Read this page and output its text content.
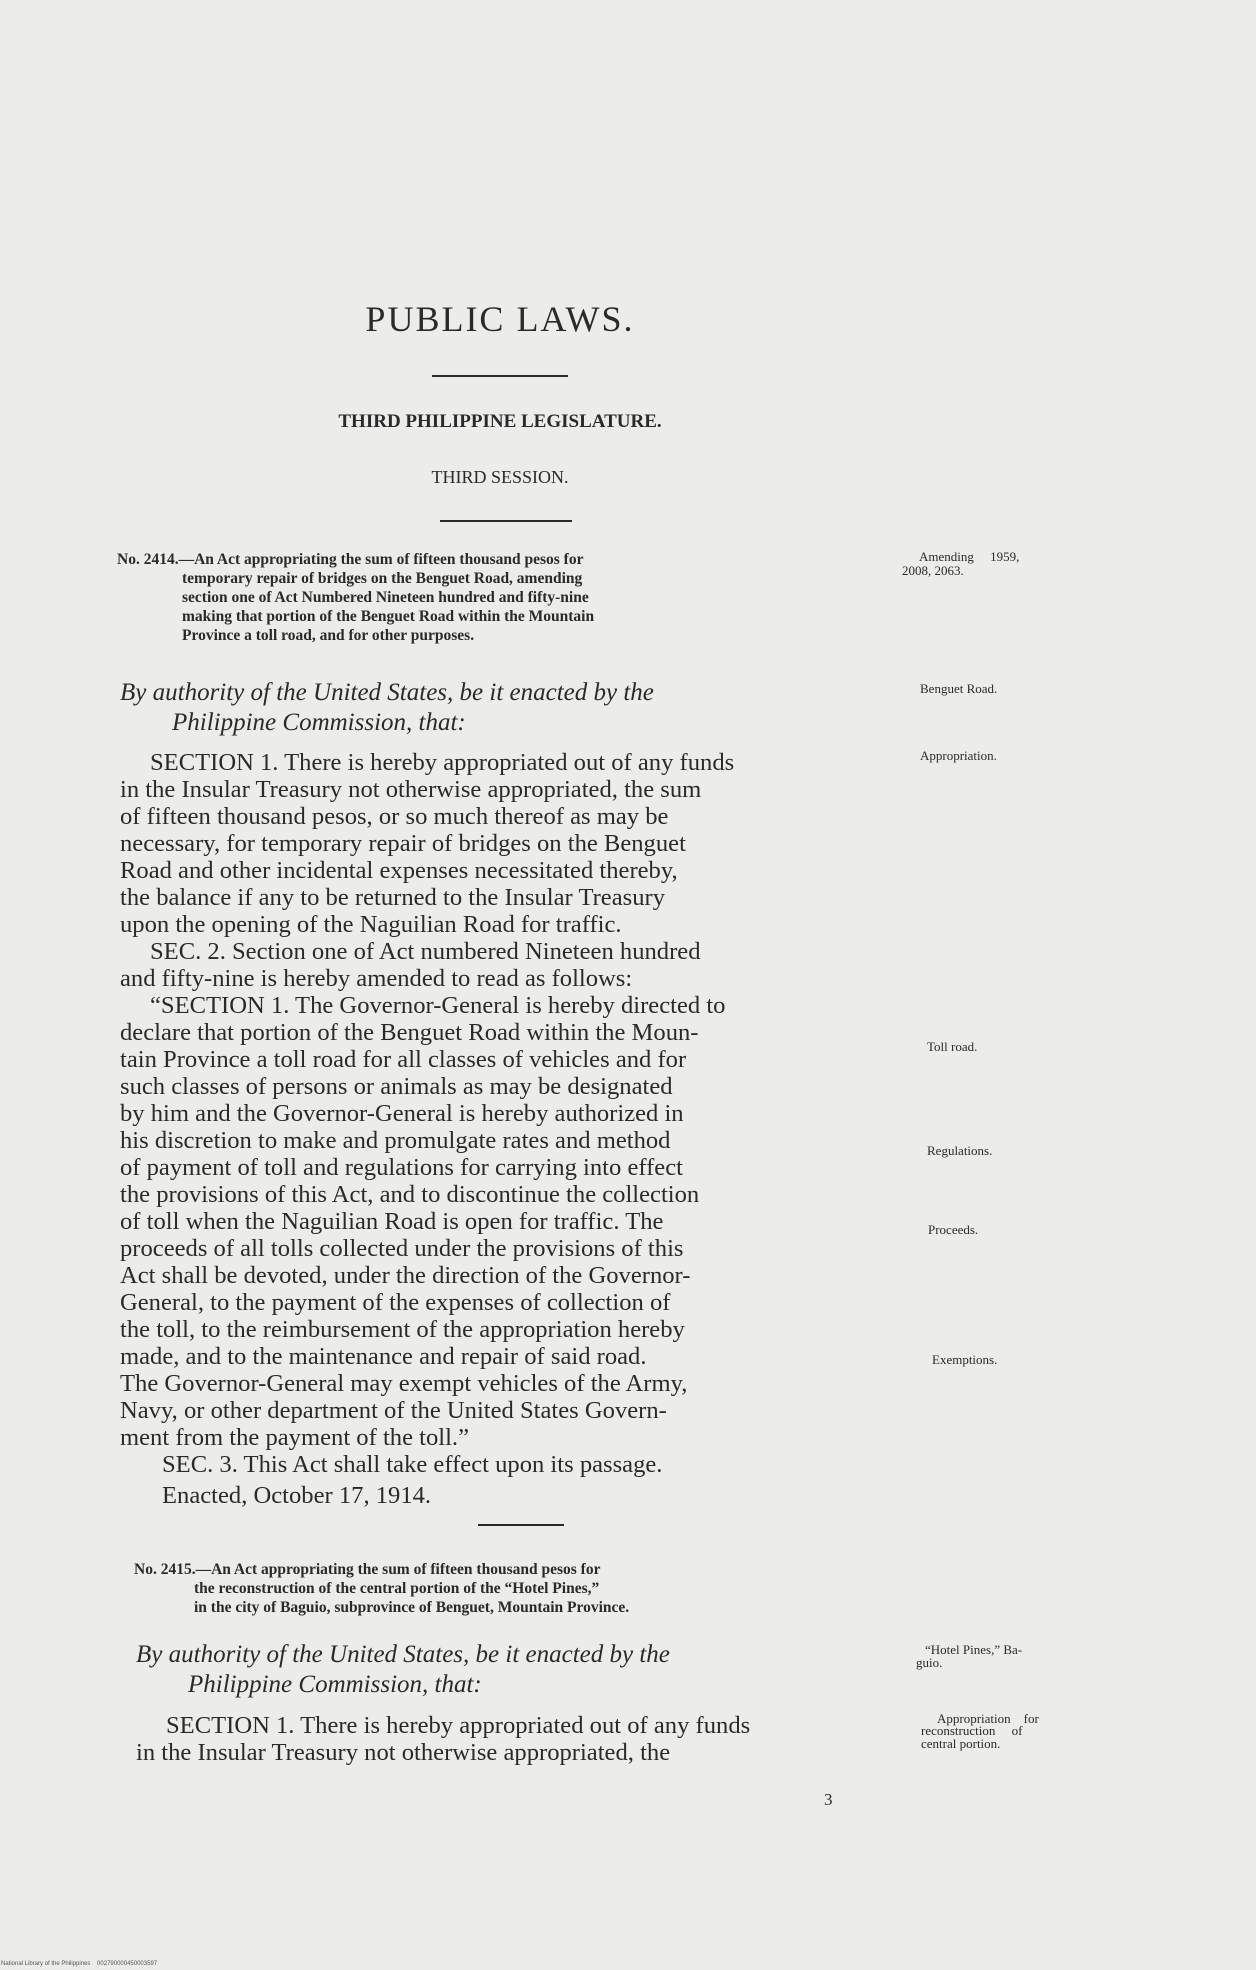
PUBLIC LAWS.
THIRD PHILIPPINE LEGISLATURE.
THIRD SESSION.
No. 2414.—An Act appropriating the sum of fifteen thousand pesos for
temporary repair of bridges on the Benguet Road, amending
section one of Act Numbered Nineteen hundred and fifty-nine
making that portion of the Benguet Road within the Mountain
Province a toll road, and for other purposes.
Amending     1959,
2008, 2063.
By authority of the United States, be it enacted by the
Philippine Commission, that:
Benguet Road.
SECTION 1. There is hereby appropriated out of any funds
in the Insular Treasury not otherwise appropriated, the sum
of fifteen thousand pesos, or so much thereof as may be
necessary, for temporary repair of bridges on the Benguet
Road and other incidental expenses necessitated thereby,
the balance if any to be returned to the Insular Treasury
upon the opening of the Naguilian Road for traffic.
SEC. 2. Section one of Act numbered Nineteen hundred
and fifty-nine is hereby amended to read as follows:
“SECTION 1. The Governor-General is hereby directed to
declare that portion of the Benguet Road within the Moun-
tain Province a toll road for all classes of vehicles and for
such classes of persons or animals as may be designated
by him and the Governor-General is hereby authorized in
his discretion to make and promulgate rates and method
of payment of toll and regulations for carrying into effect
the provisions of this Act, and to discontinue the collection
of toll when the Naguilian Road is open for traffic. The
proceeds of all tolls collected under the provisions of this
Act shall be devoted, under the direction of the Governor-
General, to the payment of the expenses of collection of
the toll, to the reimbursement of the appropriation hereby
made, and to the maintenance and repair of said road.
The Governor-General may exempt vehicles of the Army,
Navy, or other department of the United States Govern-
ment from the payment of the toll.”
SEC. 3. This Act shall take effect upon its passage.
Enacted, October 17, 1914.
Appropriation.
Toll road.
Regulations.
Proceeds.
Exemptions.
No. 2415.—An Act appropriating the sum of fifteen thousand pesos for
the reconstruction of the central portion of the “Hotel Pines,”
in the city of Baguio, subprovince of Benguet, Mountain Province.
By authority of the United States, be it enacted by the
Philippine Commission, that:
“Hotel Pines,” Ba-
guio.
SECTION 1. There is hereby appropriated out of any funds
in the Insular Treasury not otherwise appropriated, the
Appropriation    for
reconstruction     of
central portion.
3
National Library of the Philippines    002790000450003597
